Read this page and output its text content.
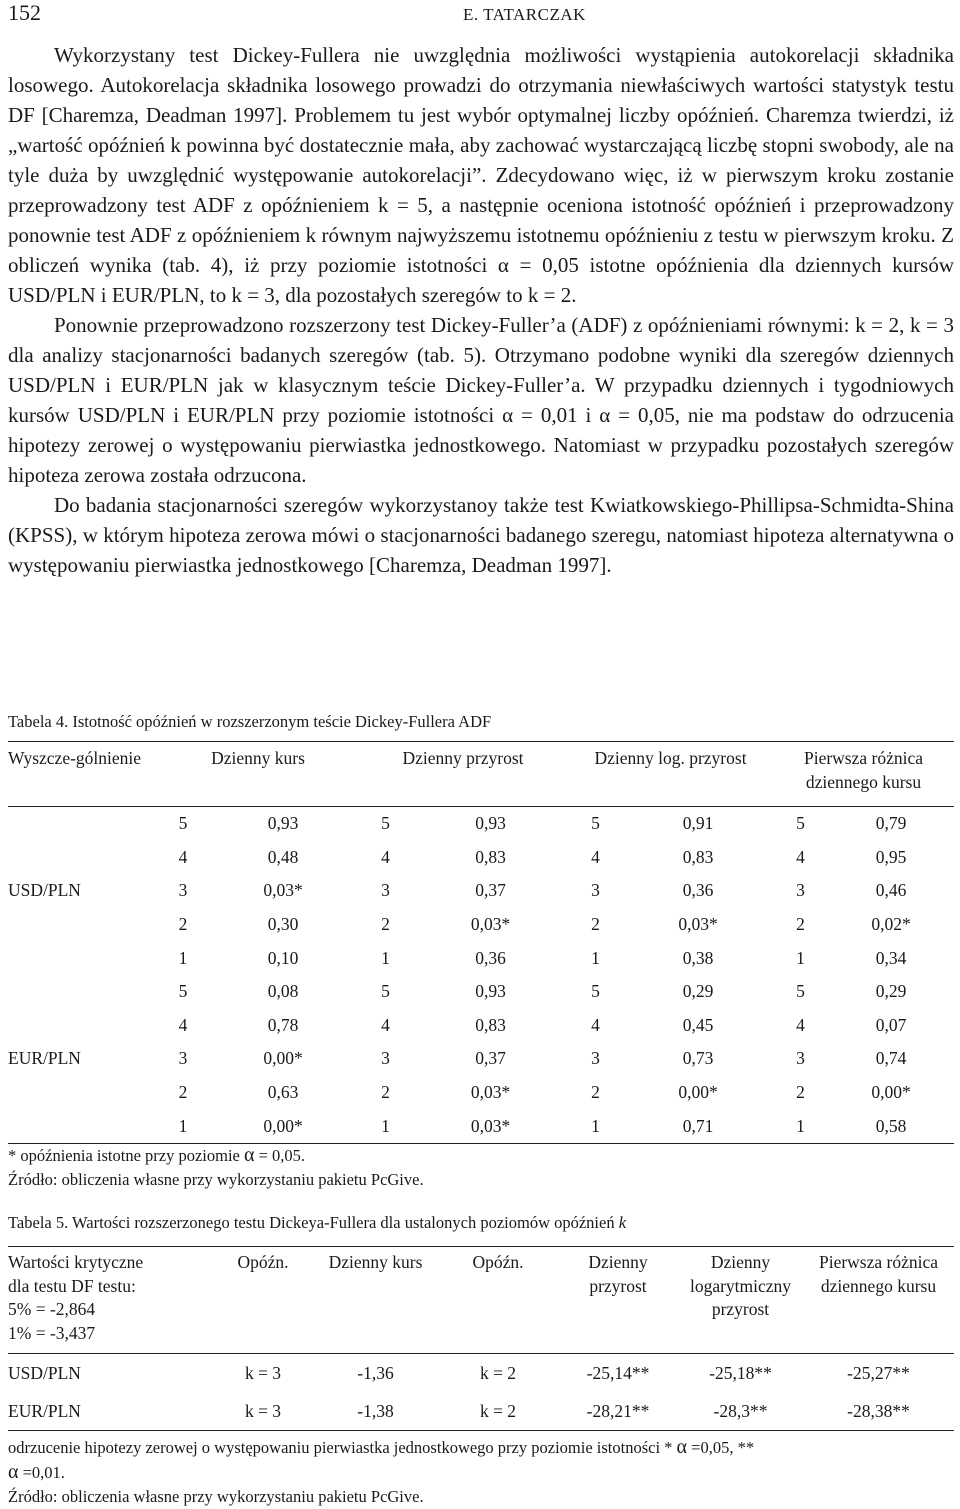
152	E. TATARCZAK

Wykorzystany test Dickey-Fullera nie uwzględnia możliwości wystąpienia autokorelacji składnika losowego. Autokorelacja składnika losowego prowadzi do otrzymania niewłaściwych wartości statystyk testu DF [Charemza, Deadman 1997]. Problemem tu jest wybór optymalnej liczby opóźnień. Charemza twierdzi, iż „wartość opóźnień k powinna być dostatecznie mała, aby zachować wystarczającą liczbę stopni swobody, ale na tyle duża by uwzględnić występowanie autokorelacji”. Zdecydowano więc, iż w pierwszym kroku zostanie przeprowadzony test ADF z opóźnieniem k = 5, a następnie oceniona istotność opóźnień i przeprowadzony ponownie test ADF z opóźnieniem k równym najwyższemu istotnemu opóźnieniu z testu w pierwszym kroku. Z obliczeń wynika (tab. 4), iż przy poziomie istotności α = 0,05 istotne opóźnienia dla dziennych kursów USD/PLN i EUR/PLN, to k = 3, dla pozostałych szeregów to k = 2.

Ponownie przeprowadzono rozszerzony test Dickey-Fuller’a (ADF) z opóźnieniami równymi: k = 2, k = 3 dla analizy stacjonarności badanych szeregów (tab. 5). Otrzymano podobne wyniki dla szeregów dziennych USD/PLN i EUR/PLN jak w klasycznym teście Dickey-Fuller’a. W przypadku dziennych i tygodniowych kursów USD/PLN i EUR/PLN przy poziomie istotności α = 0,01 i α = 0,05, nie ma podstaw do odrzucenia hipotezy zerowej o występowaniu pierwiastka jednostkowego. Natomiast w przypadku pozostałych szeregów hipoteza zerowa została odrzucona.

Do badania stacjonarności szeregów wykorzystanoy także test Kwiatkowskiego-Phillipsa-Schmidta-Shina (KPSS), w którym hipoteza zerowa mówi o stacjonarności badanego szeregu, natomiast hipoteza alternatywna o występowaniu pierwiastka jednostkowego [Charemza, Deadman 1997].

Tabela 4. Istotność opóźnień w rozszerzonym teście Dickey-Fullera ADF
Wyszcze-gólnienie	Dzienny kurs		Dzienny przyrost		Dzienny log. przyrost		Pierwsza różnica dziennego kursu	
	5	0,93	5	0,93	5	0,91	5	0,79
	4	0,48	4	0,83	4	0,83	4	0,95
USD/PLN	3	0,03*	3	0,37	3	0,36	3	0,46
	2	0,30	2	0,03*	2	0,03*	2	0,02*
	1	0,10	1	0,36	1	0,38	1	0,34
	5	0,08	5	0,93	5	0,29	5	0,29
	4	0,78	4	0,83	4	0,45	4	0,07
EUR/PLN	3	0,00*	3	0,37	3	0,73	3	0,74
	2	0,63	2	0,03*	2	0,00*	2	0,00*
	1	0,00*	1	0,03*	1	0,71	1	0,58
* opóźnienia istotne przy poziomie α = 0,05.
Źródło: obliczenia własne przy wykorzystaniu pakietu PcGive.
Tabela 5. Wartości rozszerzonego testu Dickeya-Fullera dla ustalonych poziomów opóźnień k
Wartości krytyczne
dla testu DF testu:
5% = -2,864
1% = -3,437	Opóźn.	Dzienny kurs	Opóźn.	Dzienny przyrost	Dzienny logarytmiczny przyrost	Pierwsza różnica dziennego kursu
USD/PLN	k = 3	-1,36	k = 2	-25,14**	-25,18**	-25,27**
EUR/PLN	k = 3	-1,38	k = 2	-28,21**	-28,3**	-28,38**
odrzucenie hipotezy zerowej o występowaniu pierwiastka jednostkowego przy poziomie istotności * α =0,05, **
α =0,01.
Źródło: obliczenia własne przy wykorzystaniu pakietu PcGive.
